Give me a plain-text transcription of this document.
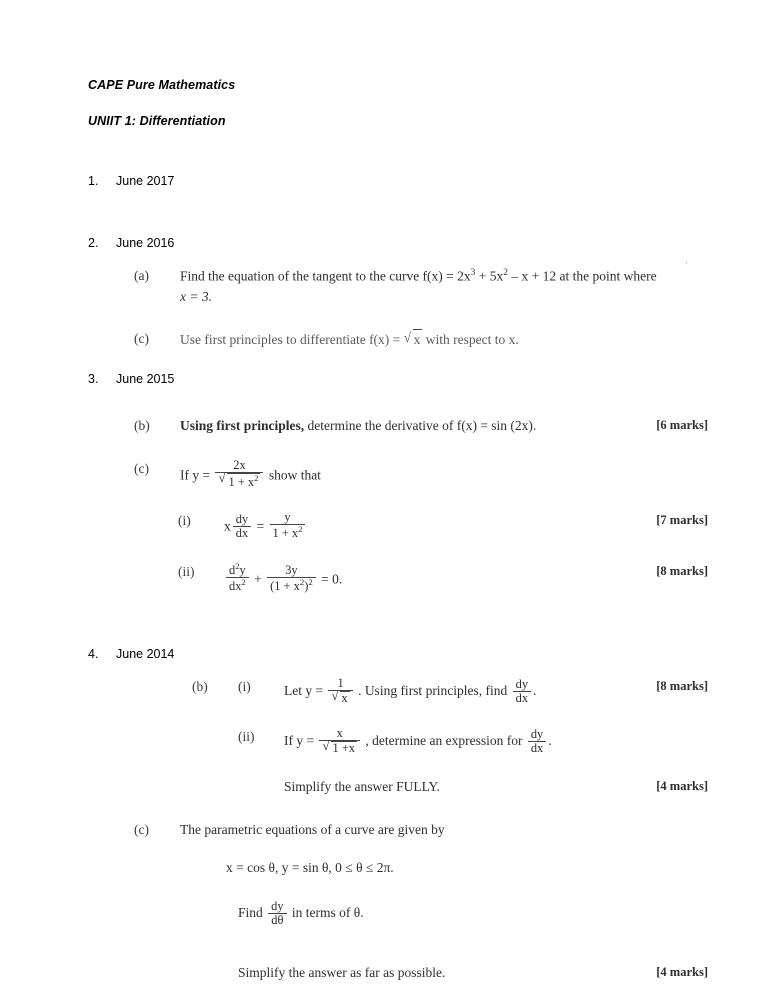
CAPE Pure Mathematics
UNIIT 1: Differentiation
1.	June 2017
2.	June 2016
ˈ
(a)	Find the equation of the tangent to the curve $f(x) = 2x^3 + 5x^2 - x + 12$ at the point where
x = 3.
(c)	Use first principles to differentiate f(x) = √ x with respect to x.
3.	June 2015
(b)	Using first principles, determine the derivative of f(x) = sin (2x).	[6 marks]
(c)	If y = 2x
√ $1 + x^2$ show that
(i)	x $\frac{dy}{dx} = \frac{y}{1 + x^2}$	[7 marks]
(ii)	$\frac{d^2y}{dx^2} + \frac{3y}{(1 + x^2)^2} = 0$.
[8 marks]
4.	June 2014
(b)	(i)	Let y = 1
√ x . Using first principles, find $\frac{dy}{dx}$ .	[8 marks]
(ii)	If y = x
√ 1 +x , determine an expression for $\frac{dy}{dx}$ .
Simplify the answer FULLY.	[4 marks]
(c)	The parametric equations of a curve are given by
x = cos θ, y = sin θ, 0 ≤ θ ≤ 2π.
Find $\frac{dy}{d\theta}$ in terms of θ.
Simplify the answer as far as possible.	[4 marks]
